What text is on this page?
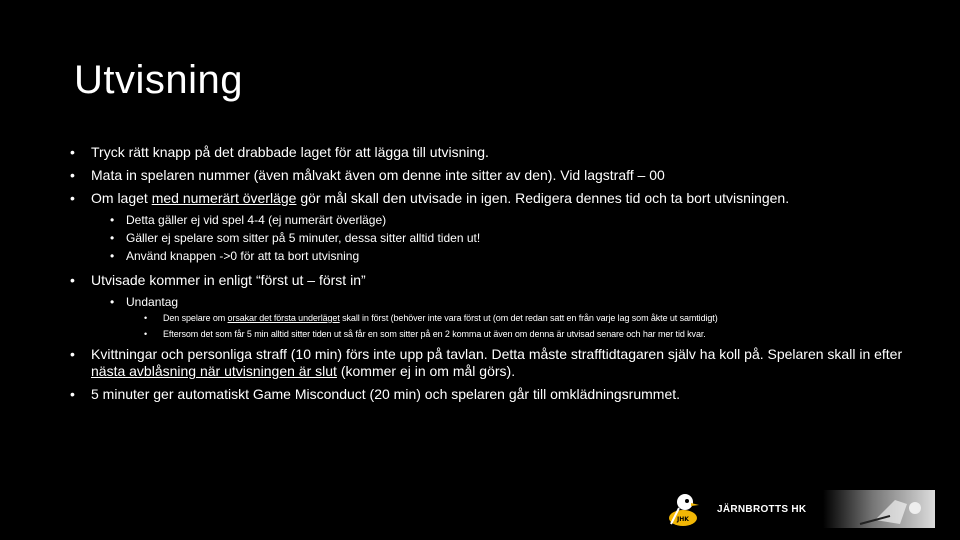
Utvisning
• Tryck rätt knapp på det drabbade laget för att lägga till utvisning.
• Mata in spelaren nummer (även målvakt även om denne inte sitter av den). Vid lagstraff – 00
• Om laget med numerärt överläge gör mål skall den utvisade in igen. Redigera dennes tid och ta bort utvisningen.
• Detta gäller ej vid spel 4-4 (ej numerärt överläge)
• Gäller ej spelare som sitter på 5 minuter, dessa sitter alltid tiden ut!
• Använd knappen ->0 för att ta bort utvisning
• Utvisade kommer in enligt “först ut – först in”
• Undantag
• Den spelare om orsakar det första underläget skall in först (behöver inte vara först ut (om det redan satt en från varje lag som åkte ut samtidigt)
• Eftersom det som får 5 min alltid sitter tiden ut så får en som sitter på en 2 komma ut även om denna är utvisad senare och har mer tid kvar.
• Kvittningar och personliga straff (10 min) förs inte upp på tavlan. Detta måste strafftidtagaren själv ha koll på. Spelaren skall in efter nästa avblåsning när utvisningen är slut (kommer ej in om mål görs).
• 5 minuter ger automatiskt Game Misconduct (20 min) och spelaren går till omklädningsrummet.
JHK
JÄRNBROTTS HK
